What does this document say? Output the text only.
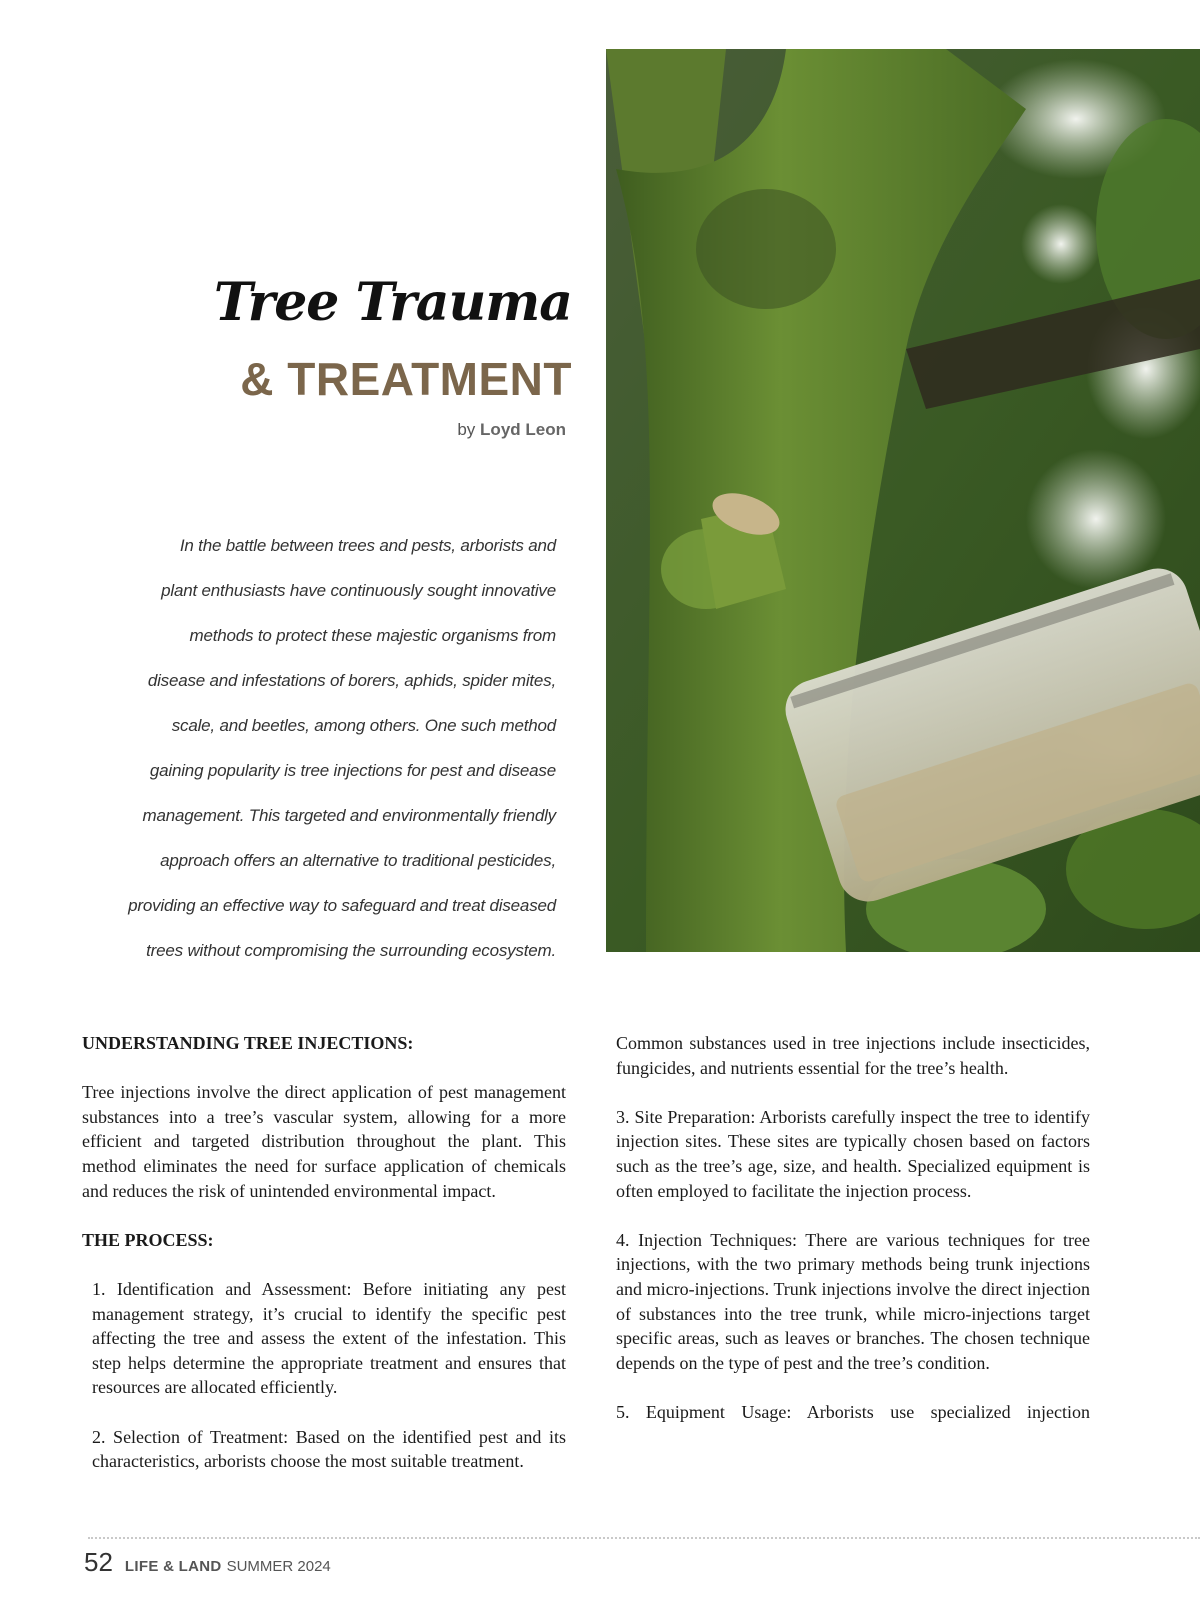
Tree Trauma
& TREATMENT
by Loyd Leon

In the battle between trees and pests, arborists and
plant enthusiasts have continuously sought innovative
methods to protect these majestic organisms from
disease and infestations of borers, aphids, spider mites,
scale, and beetles, among others. One such method
gaining popularity is tree injections for pest and disease
management. This targeted and environmentally friendly
approach offers an alternative to traditional pesticides,
providing an effective way to safeguard and treat diseased
trees without compromising the surrounding ecosystem.

UNDERSTANDING TREE INJECTIONS:

Tree injections involve the direct application of pest management substances into a tree’s vascular system, allowing for a more efficient and targeted distribution throughout the plant. This method eliminates the need for surface application of chemicals and reduces the risk of unintended environmental impact.

THE PROCESS:

1. Identification and Assessment: Before initiating any pest management strategy, it’s crucial to identify the specific pest affecting the tree and assess the extent of the infestation. This step helps determine the appropriate treatment and ensures that resources are allocated efficiently.

2. Selection of Treatment: Based on the identified pest and its characteristics, arborists choose the most suitable treatment.

Common substances used in tree injections include insecticides, fungicides, and nutrients essential for the tree’s health.

3. Site Preparation: Arborists carefully inspect the tree to identify injection sites. These sites are typically chosen based on factors such as the tree’s age, size, and health. Specialized equipment is often employed to facilitate the injection process.

4. Injection Techniques: There are various techniques for tree injections, with the two primary methods being trunk injections and micro-injections. Trunk injections involve the direct injection of substances into the tree trunk, while micro-injections target specific areas, such as leaves or branches. The chosen technique depends on the type of pest and the tree’s condition.

5. Equipment Usage: Arborists use specialized injection

52 LIFE & LAND SUMMER 2024
